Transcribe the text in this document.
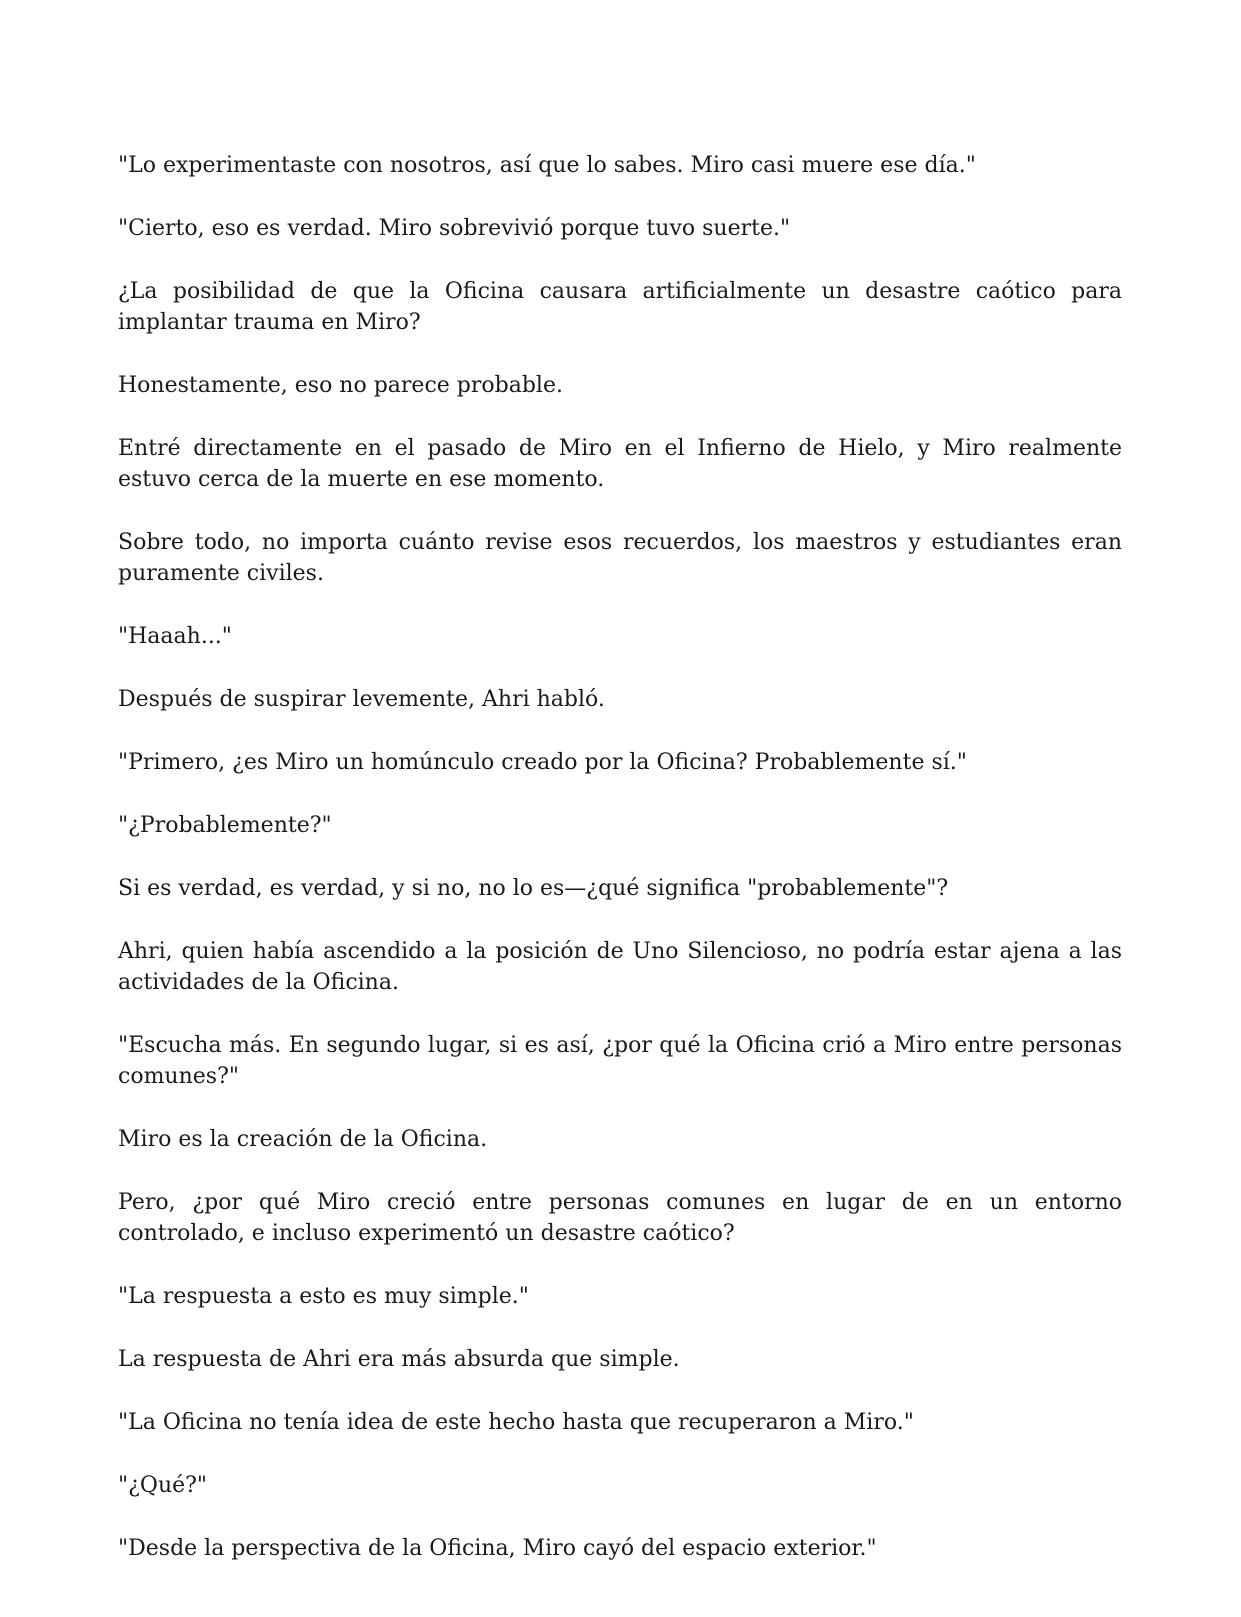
"Lo experimentaste con nosotros, así que lo sabes. Miro casi muere ese día."

"Cierto, eso es verdad. Miro sobrevivió porque tuvo suerte."

¿La posibilidad de que la Oficina causara artificialmente un desastre caótico para implantar trauma en Miro?

Honestamente, eso no parece probable.

Entré directamente en el pasado de Miro en el Infierno de Hielo, y Miro realmente estuvo cerca de la muerte en ese momento.

Sobre todo, no importa cuánto revise esos recuerdos, los maestros y estudiantes eran puramente civiles.

"Haaah..."

Después de suspirar levemente, Ahri habló.

"Primero, ¿es Miro un homúnculo creado por la Oficina? Probablemente sí."

"¿Probablemente?"

Si es verdad, es verdad, y si no, no lo es—¿qué significa "probablemente"?

Ahri, quien había ascendido a la posición de Uno Silencioso, no podría estar ajena a las actividades de la Oficina.

"Escucha más. En segundo lugar, si es así, ¿por qué la Oficina crió a Miro entre personas comunes?"

Miro es la creación de la Oficina.

Pero, ¿por qué Miro creció entre personas comunes en lugar de en un entorno controlado, e incluso experimentó un desastre caótico?

"La respuesta a esto es muy simple."

La respuesta de Ahri era más absurda que simple.

"La Oficina no tenía idea de este hecho hasta que recuperaron a Miro."

"¿Qué?"

"Desde la perspectiva de la Oficina, Miro cayó del espacio exterior."
